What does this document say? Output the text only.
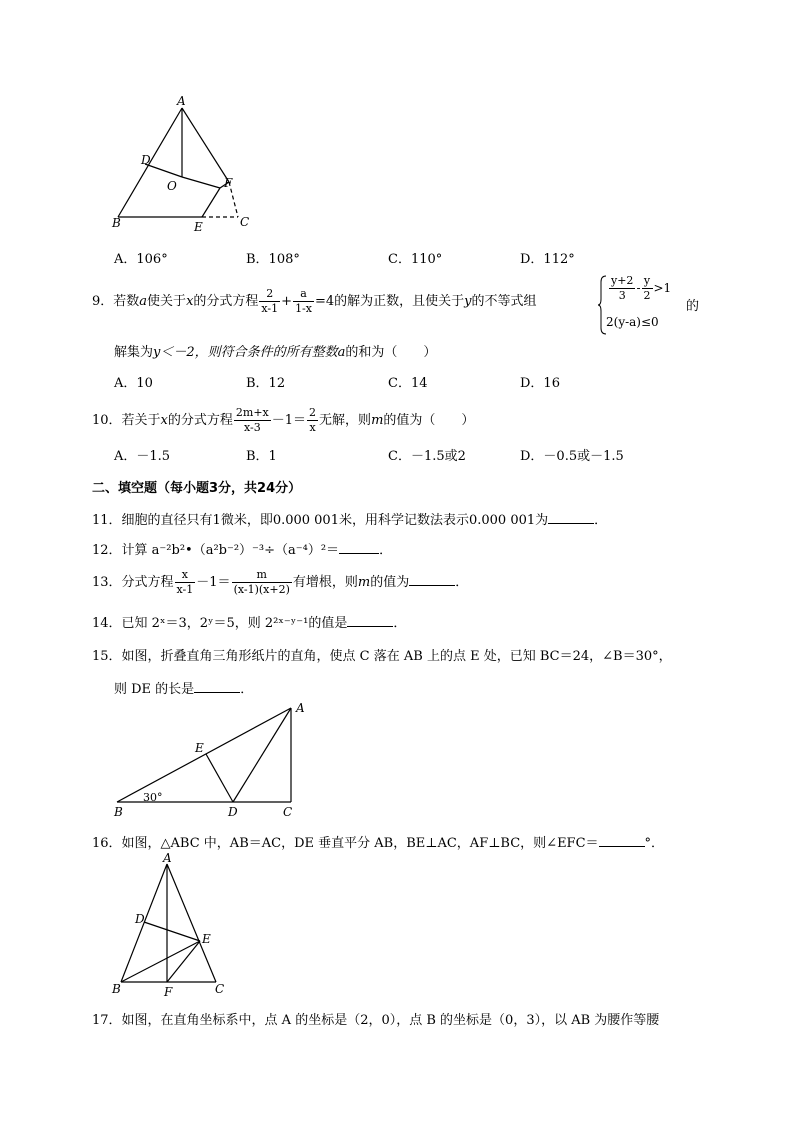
A
D
O	F
B	E	C
A．106°	B．108°	C．110°	D．112°
9．若数a使关于x的分式方程 $\frac{2}{x-1} + \frac{a}{1-x} =4$的解为正数，且使关于y的不等式组	$\frac{y+2}{3} - \frac{y}{2} >1$
2(y-a)≤0
的
解集为y＜－2，则符合条件的所有整数a的和为（　　）
A．10	B．12	C．14	D．16
10．若关于x的分式方程 $\frac{2m+x}{x-3} -1= \frac{2}{x}$ 无解，则m的值为（　　）
A．－1.5	B．1	C．－1.5或2	D．－0.5或－1.5
二、填空题（每小题3分，共24分）
11．细胞的直径只有1微米，即0.000 001米，用科学记数法表示0.000 001为	．
12．计算 a⁻²b²•（a²b⁻²）⁻³÷（a⁻⁴）²＝	．
13．分式方程 $\frac{x}{x-1} -1= \frac{m}{(x-1)(x+2)}$ 有增根，则m的值为	．
14．已知 2ˣ＝3，2ʸ＝5，则 2²ˣ⁻ʸ⁻¹的值是	．
15．如图，折叠直角三角形纸片的直角，使点 C 落在 AB 上的点 E 处，已知 BC＝24，∠B＝30°，
则 DE 的长是	．
A
E
B	D	C
30°
16．如图，△ABC 中，AB＝AC，DE 垂直平分 AB，BE⊥AC，AF⊥BC，则∠EFC＝	°．
A
D
E
B	F	C
17．如图，在直角坐标系中，点 A 的坐标是（2，0），点 B 的坐标是（0，3），以 AB 为腰作等腰
